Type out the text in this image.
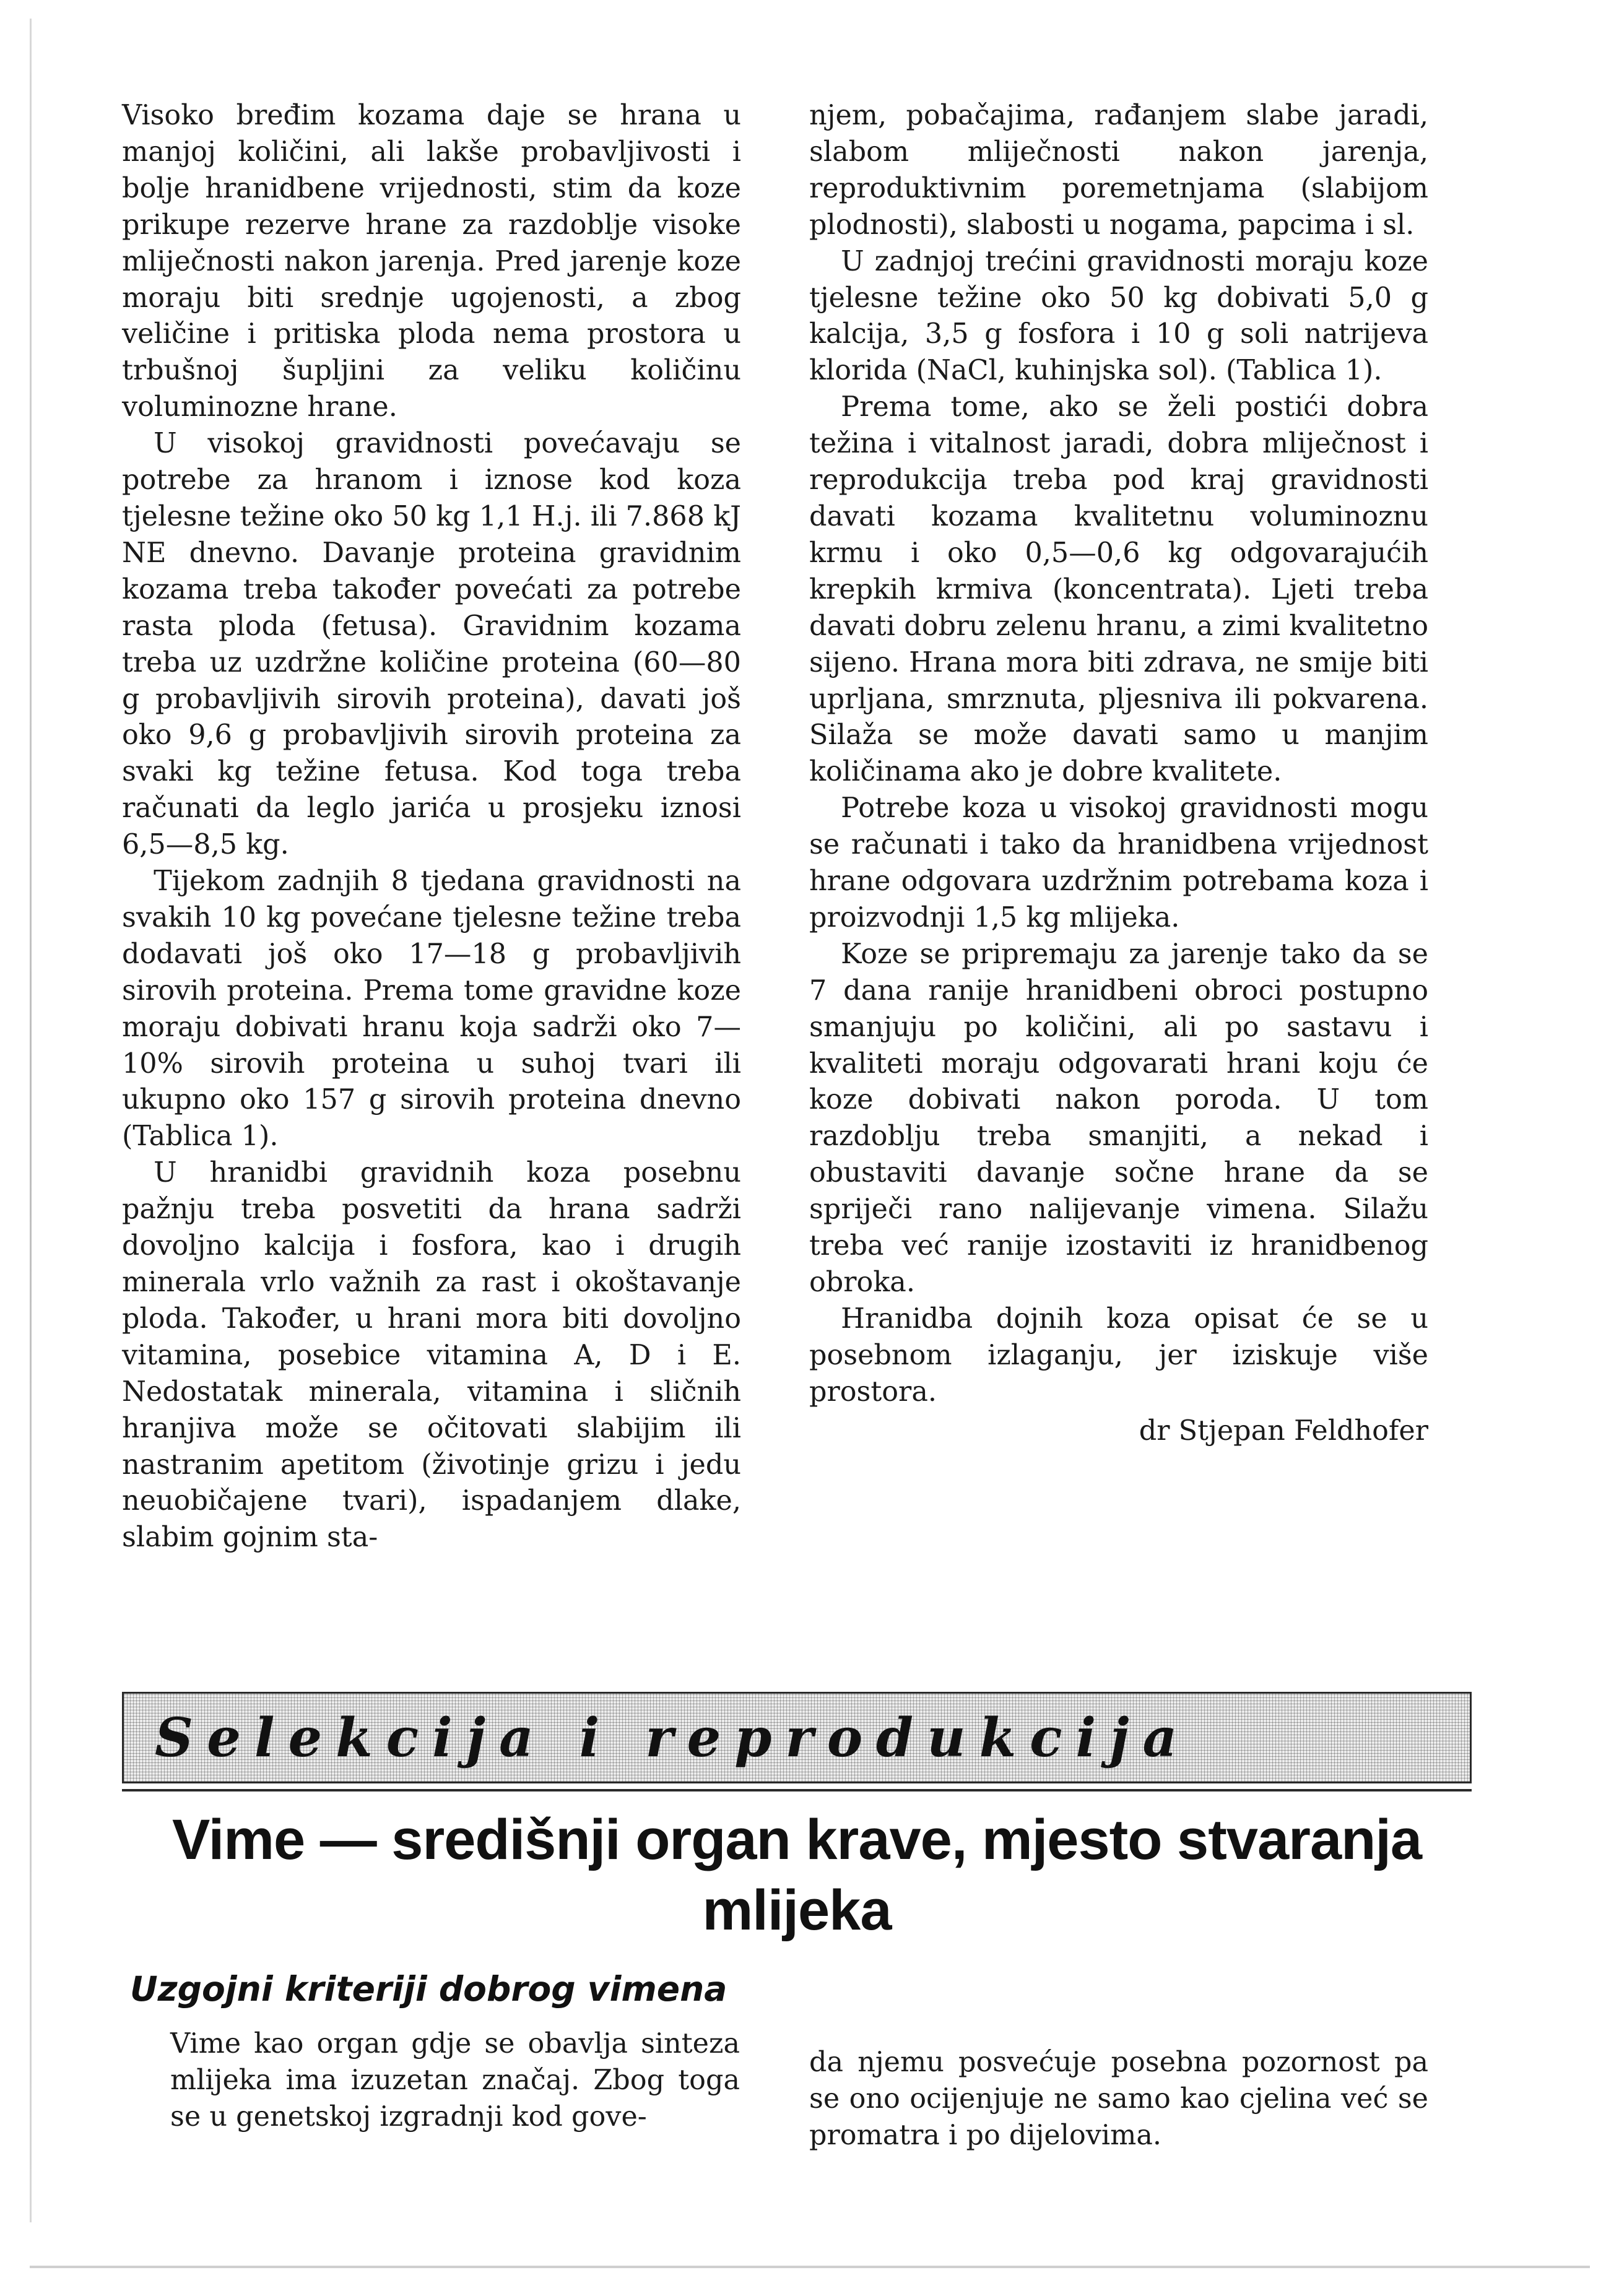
Visoko bređim kozama daje se hrana u manjoj količini, ali lakše probavljivosti i bolje hranidbene vrijednosti, stim da koze prikupe rezerve hrane za razdoblje visoke mliječnosti nakon jarenja. Pred jarenje koze moraju biti srednje ugojenosti, a zbog veličine i pritiska ploda nema prostora u trbušnoj šupljini za veliku količinu voluminozne hrane.

U visokoj gravidnosti povećavaju se potrebe za hranom i iznose kod koza tjelesne težine oko 50 kg 1,1 H.j. ili 7.868 kJ NE dnevno. Davanje proteina gravidnim kozama treba također povećati za potrebe rasta ploda (fetusa). Gravidnim kozama treba uz uzdržne količine proteina (60—80 g probavljivih sirovih proteina), davati još oko 9,6 g probavljivih sirovih proteina za svaki kg težine fetusa. Kod toga treba računati da leglo jarića u prosjeku iznosi 6,5—8,5 kg.

Tijekom zadnjih 8 tjedana gravidnosti na svakih 10 kg povećane tjelesne težine treba dodavati još oko 17—18 g probavljivih sirovih proteina. Prema tome gravidne koze moraju dobivati hranu koja sadrži oko 7—10% sirovih proteina u suhoj tvari ili ukupno oko 157 g sirovih proteina dnevno (Tablica 1).

U hranidbi gravidnih koza posebnu pažnju treba posvetiti da hrana sadrži dovoljno kalcija i fosfora, kao i drugih minerala vrlo važnih za rast i okoštavanje ploda. Također, u hrani mora biti dovoljno vitamina, posebice vitamina A, D i E. Nedostatak minerala, vitamina i sličnih hranjiva može se očitovati slabijim ili nastranim apetitom (životinje grizu i jedu neuobičajene tvari), ispadanjem dlake, slabim gojnim sta-

njem, pobačajima, rađanjem slabe jaradi, slabom mliječnosti nakon jarenja, reproduktivnim poremetnjama (slabijom plodnosti), slabosti u nogama, papcima i sl.

U zadnjoj trećini gravidnosti moraju koze tjelesne težine oko 50 kg dobivati 5,0 g kalcija, 3,5 g fosfora i 10 g soli natrijeva klorida (NaCl, kuhinjska sol). (Tablica 1).

Prema tome, ako se želi postići dobra težina i vitalnost jaradi, dobra mliječnost i reprodukcija treba pod kraj gravidnosti davati kozama kvalitetnu voluminoznu krmu i oko 0,5—0,6 kg odgovarajućih krepkih krmiva (koncentrata). Ljeti treba davati dobru zelenu hranu, a zimi kvalitetno sijeno. Hrana mora biti zdrava, ne smije biti uprljana, smrznuta, pljesniva ili pokvarena. Silaža se može davati samo u manjim količinama ako je dobre kvalitete.

Potrebe koza u visokoj gravidnosti mogu se računati i tako da hranidbena vrijednost hrane odgovara uzdržnim potrebama koza i proizvodnji 1,5 kg mlijeka.

Koze se pripremaju za jarenje tako da se 7 dana ranije hranidbeni obroci postupno smanjuju po količini, ali po sastavu i kvaliteti moraju odgovarati hrani koju će koze dobivati nakon poroda. U tom razdoblju treba smanjiti, a nekad i obustaviti davanje sočne hrane da se spriječi rano nalijevanje vimena. Silažu treba već ranije izostaviti iz hranidbenog obroka.

Hranidba dojnih koza opisat će se u posebnom izlaganju, jer iziskuje više prostora.

dr Stjepan Feldhofer

Selekcija i reprodukcija
Vime — središnji organ krave, mjesto stvaranja mlijeka
Uzgojni kriteriji dobrog vimena

Vime kao organ gdje se obavlja sinteza mlijeka ima izuzetan značaj. Zbog toga se u genetskoj izgradnji kod gove-

da njemu posvećuje posebna pozornost pa se ono ocijenjuje ne samo kao cjelina već se promatra i po dijelovima.
